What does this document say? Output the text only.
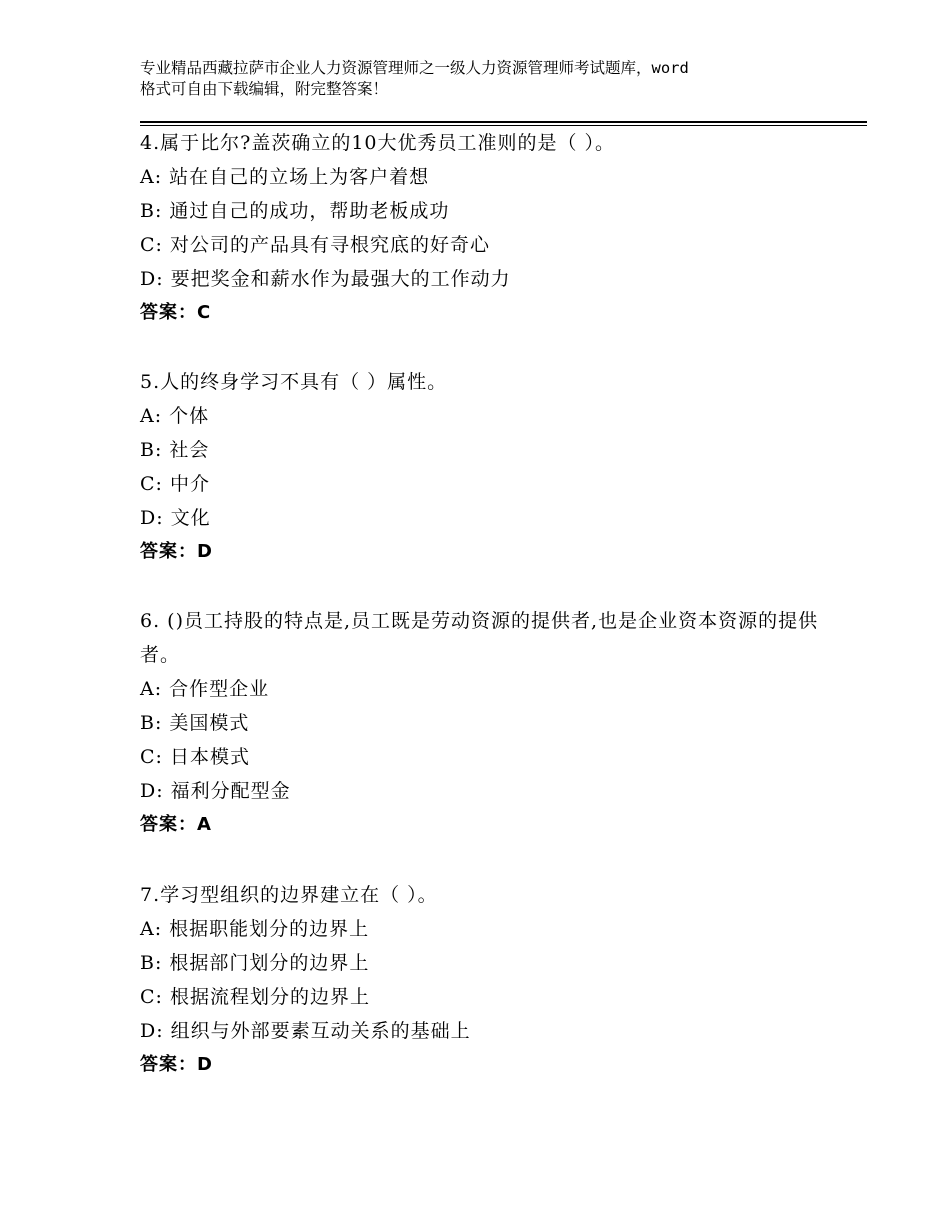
专业精品西藏拉萨市企业人力资源管理师之一级人力资源管理师考试题库，word
格式可自由下载编辑，附完整答案！
4.属于比尔?盖茨确立的10大优秀员工准则的是（ ）。
A: 站在自己的立场上为客户着想
B: 通过自己的成功，帮助老板成功
C: 对公司的产品具有寻根究底的好奇心
D: 要把奖金和薪水作为最强大的工作动力
答案：C
5.人的终身学习不具有（ ）属性。
A: 个体
B: 社会
C: 中介
D: 文化
答案：D
6. ()员工持股的特点是,员工既是劳动资源的提供者,也是企业资本资源的提供者。
A: 合作型企业
B: 美国模式
C: 日本模式
D: 福利分配型金
答案：A
7.学习型组织的边界建立在（ ）。
A: 根据职能划分的边界上
B: 根据部门划分的边界上
C: 根据流程划分的边界上
D: 组织与外部要素互动关系的基础上
答案：D
